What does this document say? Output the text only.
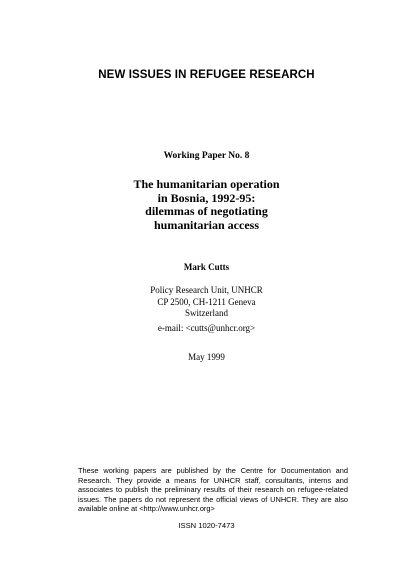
NEW ISSUES IN REFUGEE RESEARCH
Working Paper No. 8
The humanitarian operation
in Bosnia, 1992-95:
dilemmas of negotiating
humanitarian access
Mark Cutts
Policy Research Unit, UNHCR
CP 2500, CH-1211 Geneva
Switzerland
e-mail: <cutts@unhcr.org>
May 1999

These working papers are published by the Centre for Documentation and Research. They provide a means for UNHCR staff, consultants, interns and associates to publish the preliminary results of their research on refugee-related issues. The papers do not represent the official views of UNHCR. They are also available online at <http://www.unhcr.org>

ISSN 1020-7473
